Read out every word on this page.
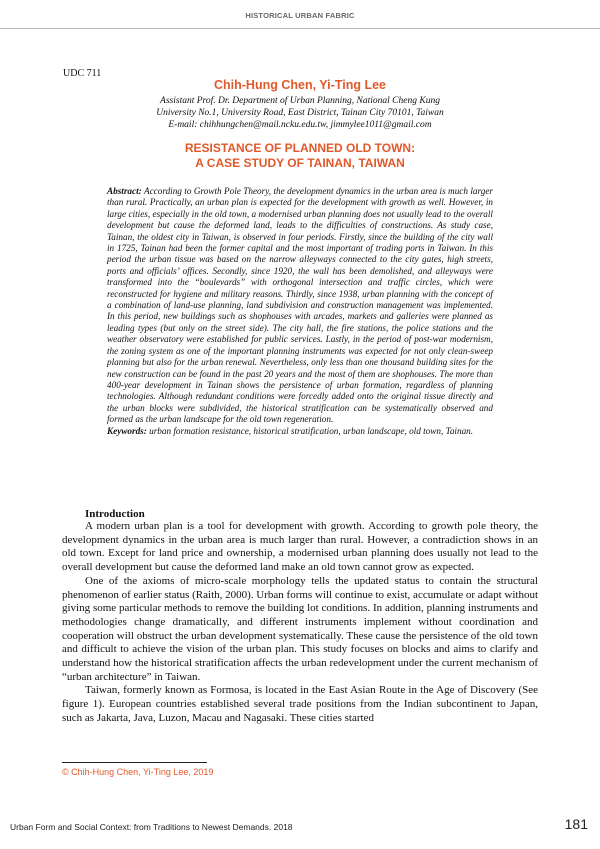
HISTORICAL URBAN FABRIC
UDC 711
Chih-Hung Chen, Yi-Ting Lee
Assistant Prof. Dr. Department of Urban Planning, National Cheng Kung
University No.1, University Road, East District, Tainan City 70101, Taiwan
E-mail: chihhungchen@mail.ncku.edu.tw, jimmylee1011@gmail.com
RESISTANCE OF PLANNED OLD TOWN:
A CASE STUDY OF TAINAN, TAIWAN
Abstract: According to Growth Pole Theory, the development dynamics in the urban area is much larger than rural. Practically, an urban plan is expected for the development with growth as well. However, in large cities, especially in the old town, a modernised urban planning does not usually lead to the overall development but cause the deformed land, leads to the difficulties of constructions. As study case, Tainan, the oldest city in Taiwan, is observed in four periods. Firstly, since the building of the city wall in 1725, Tainan had been the former capital and the most important of trading ports in Taiwan. In this period the urban tissue was based on the narrow alleyways connected to the city gates, high streets, ports and officials’ offices. Secondly, since 1920, the wall has been demolished, and alleyways were transformed into the “boulevards” with orthogonal intersection and traffic circles, which were reconstructed for hygiene and military reasons. Thirdly, since 1938, urban planning with the concept of a combination of land-use planning, land subdivision and construction management was implemented. In this period, new buildings such as shophouses with arcades, markets and galleries were planned as leading types (but only on the street side). The city hall, the fire stations, the police stations and the weather observatory were established for public services. Lastly, in the period of post-war modernism, the zoning system as one of the important planning instruments was expected for not only clean-sweep planning but also for the urban renewal. Nevertheless, only less than one thousand building sites for the new construction can be found in the past 20 years and the most of them are shophouses. The more than 400-year development in Tainan shows the persistence of urban formation, regardless of planning technologies. Although redundant conditions were forcedly added onto the original tissue directly and the urban blocks were subdivided, the historical stratification can be systematically observed and formed as the urban landscape for the old town regeneration.
Keywords: urban formation resistance, historical stratification, urban landscape, old town, Tainan.
Introduction

A modern urban plan is a tool for development with growth. According to growth pole theory, the development dynamics in the urban area is much larger than rural. However, a contradiction shows in an old town. Except for land price and ownership, a modernised urban planning does usually not lead to the overall development but cause the deformed land make an old town cannot grow as expected.

One of the axioms of micro-scale morphology tells the updated status to contain the structural phenomenon of earlier status (Raith, 2000). Urban forms will continue to exist, accumulate or adapt without giving some particular methods to remove the building lot conditions. In addition, planning instruments and methodologies change dramatically, and different instruments implement without coordination and cooperation will obstruct the urban development systematically. These cause the persistence of the old town and difficult to achieve the vision of the urban plan. This study focuses on blocks and aims to clarify and understand how the historical stratification affects the urban redevelopment under the current mechanism of “urban architecture” in Taiwan.

Taiwan, formerly known as Formosa, is located in the East Asian Route in the Age of Discovery (See figure 1). European countries established several trade positions from the Indian subcontinent to Japan, such as Jakarta, Java, Luzon, Macau and Nagasaki. These cities started

© Chih-Hung Chen, Yi-Ting Lee, 2019
Urban Form and Social Context: from Traditions to Newest Demands. 2018	181
